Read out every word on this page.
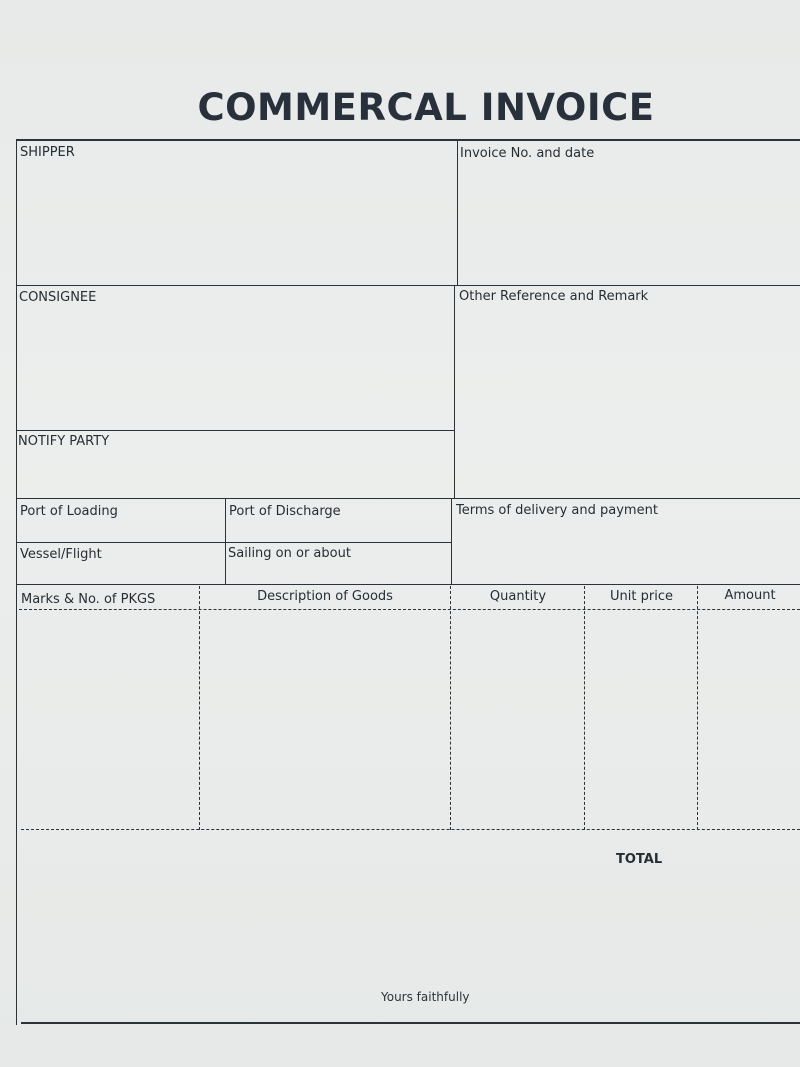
COMMERCAL INVOICE
SHIPPER	Invoice No. and date
CONSIGNEE	Other Reference and Remark
NOTIFY PARTY
Port of Loading	Port of Discharge	Terms of delivery and payment
Vessel/Flight	Sailing on or about
Marks & No. of PKGS	Description of Goods	Quantity	Unit price	Amount
TOTAL
Yours faithfully
